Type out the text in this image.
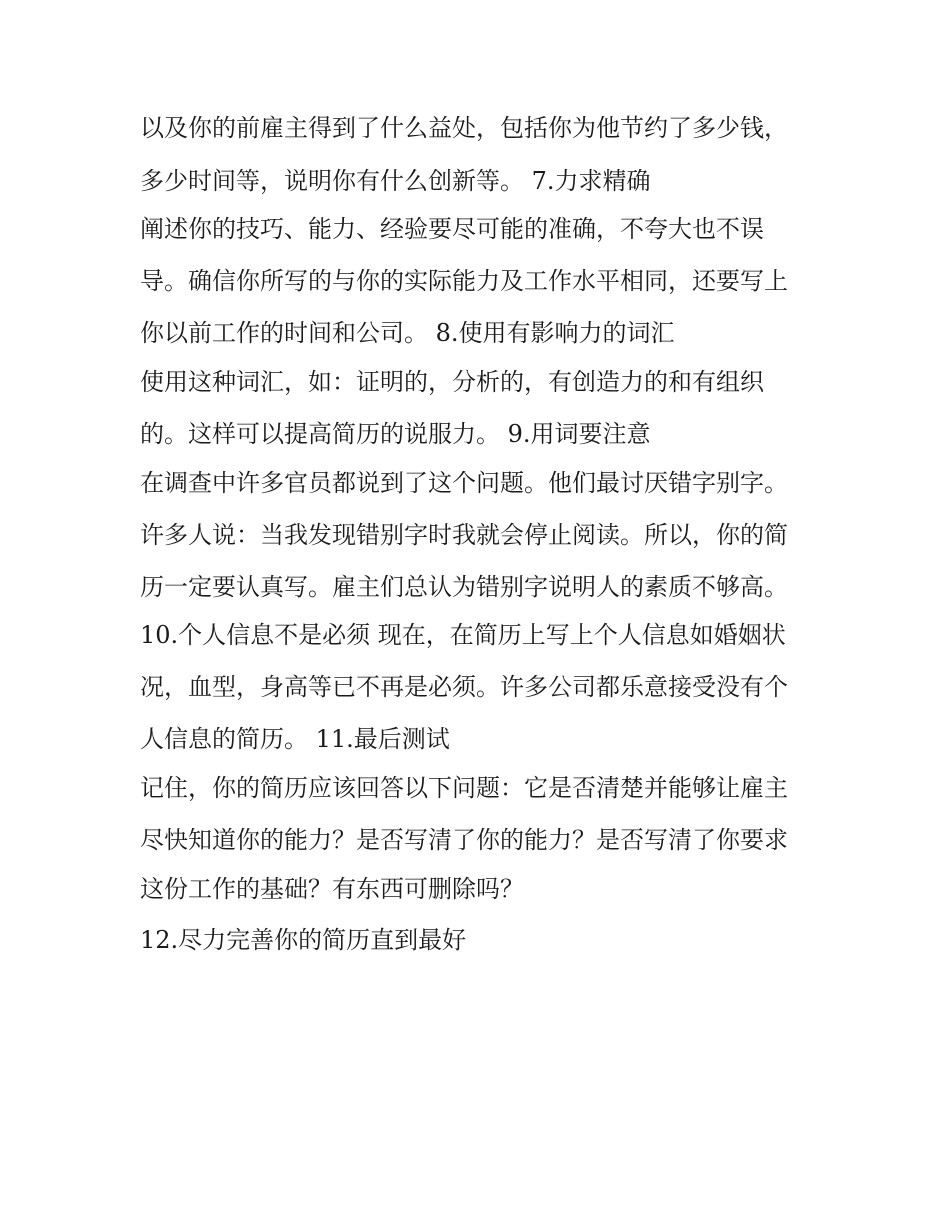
以及你的前雇主得到了什么益处，包括你为他节约了多少钱，
多少时间等，说明你有什么创新等。 7.力求精确
阐述你的技巧、能力、经验要尽可能的准确，不夸大也不误
导。确信你所写的与你的实际能力及工作水平相同，还要写上
你以前工作的时间和公司。 8.使用有影响力的词汇
使用这种词汇，如：证明的，分析的，有创造力的和有组织
的。这样可以提高简历的说服力。 9.用词要注意
在调查中许多官员都说到了这个问题。他们最讨厌错字别字。
许多人说：当我发现错别字时我就会停止阅读。所以，你的简
历一定要认真写。雇主们总认为错别字说明人的素质不够高。
10.个人信息不是必须 现在，在简历上写上个人信息如婚姻状
况，血型，身高等已不再是必须。许多公司都乐意接受没有个
人信息的简历。 11.最后测试
记住，你的简历应该回答以下问题：它是否清楚并能够让雇主
尽快知道你的能力？是否写清了你的能力？是否写清了你要求
这份工作的基础？有东西可删除吗？
12.尽力完善你的简历直到最好
